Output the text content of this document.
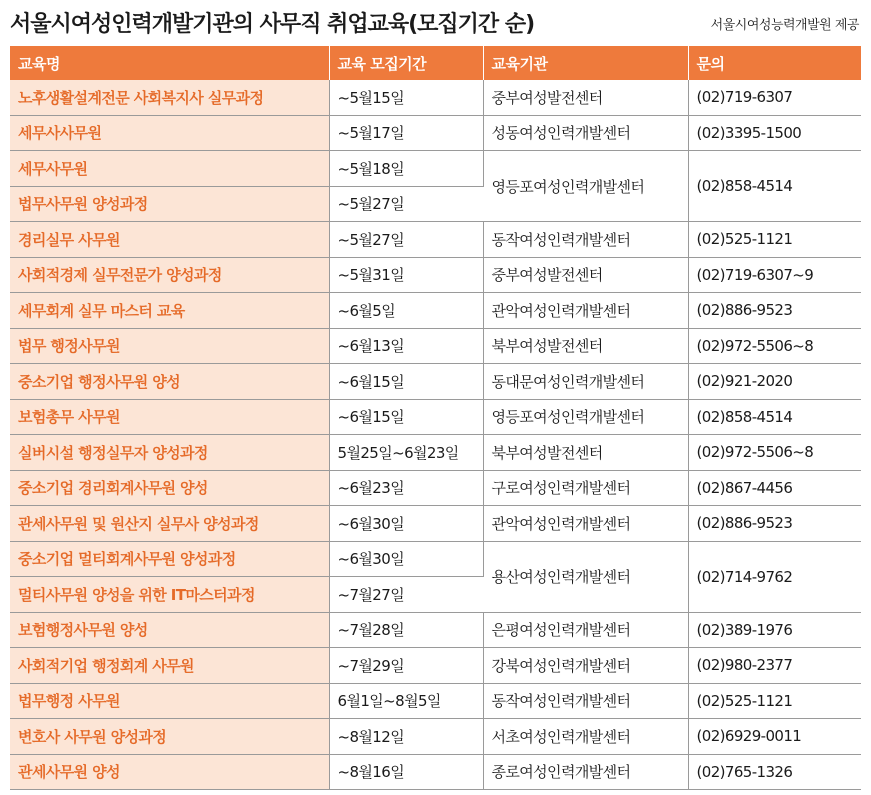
서울시여성인력개발기관의 사무직 취업교육(모집기간 순)	서울시여성능력개발원 제공
교육명	교육 모집기간	교육기관	문의
노후생활설계전문 사회복지사 실무과정	~5월15일	중부여성발전센터	(02)719-6307
세무사사무원	~5월17일	성동여성인력개발센터	(02)3395-1500
세무사무원	~5월18일	영등포여성인력개발센터	(02)858-4514
법무사무원 양성과정	~5월27일		
경리실무 사무원	~5월27일	동작여성인력개발센터	(02)525-1121
사회적경제 실무전문가 양성과정	~5월31일	중부여성발전센터	(02)719-6307~9
세무회계 실무 마스터 교육	~6월5일	관악여성인력개발센터	(02)886-9523
법무 행정사무원	~6월13일	북부여성발전센터	(02)972-5506~8
중소기업 행정사무원 양성	~6월15일	동대문여성인력개발센터	(02)921-2020
보험총무 사무원	~6월15일	영등포여성인력개발센터	(02)858-4514
실버시설 행정실무자 양성과정	5월25일~6월23일	북부여성발전센터	(02)972-5506~8
중소기업 경리회계사무원 양성	~6월23일	구로여성인력개발센터	(02)867-4456
관세사무원 및 원산지 실무사 양성과정	~6월30일	관악여성인력개발센터	(02)886-9523
중소기업 멀티회계사무원 양성과정	~6월30일	용산여성인력개발센터	(02)714-9762
멀티사무원 양성을 위한 IT마스터과정	~7월27일		
보험행정사무원 양성	~7월28일	은평여성인력개발센터	(02)389-1976
사회적기업 행정회계 사무원	~7월29일	강북여성인력개발센터	(02)980-2377
법무행정 사무원	6월1일~8월5일	동작여성인력개발센터	(02)525-1121
변호사 사무원 양성과정	~8월12일	서초여성인력개발센터	(02)6929-0011
관세사무원 양성	~8월16일	종로여성인력개발센터	(02)765-1326
